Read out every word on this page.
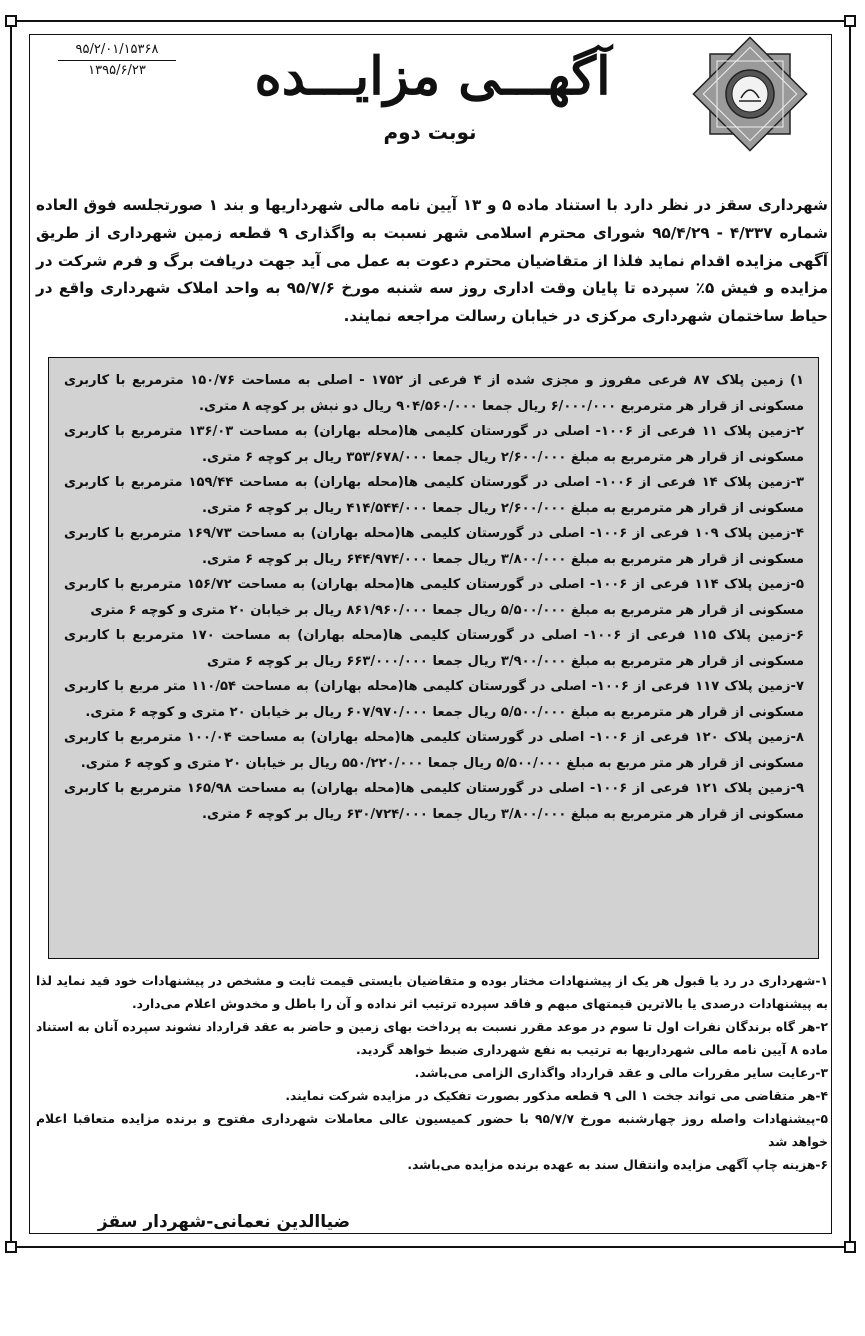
۹۵/۲/۰۱/۱۵۳۶۸
۱۳۹۵/۶/۲۳	آگهـــی مزایـــده
نوبت دوم
شهرداری سقز در نظر دارد با استناد ماده ۵ و ۱۳ آیین نامه مالی شهرداریها و بند ۱ صورتجلسه فوق العاده شماره ۴/۳۳۷ - ۹۵/۴/۲۹ شورای محترم اسلامی شهر نسبت به واگذاری ۹ قطعه زمین شهرداری از طریق آگهی مزایده اقدام نماید فلذا از متقاضیان محترم دعوت به عمل می آید جهت دریافت برگ و فرم شرکت در مزایده و فیش ۵٪ سپرده تا پایان وقت اداری روز سه شنبه مورخ ۹۵/۷/۶ به واحد املاک شهرداری واقع در حیاط ساختمان شهرداری مرکزی در خیابان رسالت مراجعه نمایند.

۱) زمین پلاک ۸۷ فرعی مفروز و مجزی شده از ۴ فرعی از ۱۷۵۲ - اصلی به مساحت ۱۵۰/۷۶ مترمربع با کاربری مسکونی از قرار هر مترمربع ۶/۰۰۰/۰۰۰ ریال جمعا ۹۰۴/۵۶۰/۰۰۰ ریال دو نبش بر کوچه ۸ متری.

۲-زمین پلاک ۱۱ فرعی از ۱۰۰۶- اصلی در گورستان کلیمی ها(محله بهاران) به مساحت ۱۳۶/۰۳ مترمربع با کاربری مسکونی از قرار هر مترمربع به مبلغ ۲/۶۰۰/۰۰۰ ریال جمعا ۳۵۳/۶۷۸/۰۰۰ ریال بر کوچه ۶ متری.

۳-زمین پلاک ۱۴ فرعی از ۱۰۰۶- اصلی در گورستان کلیمی ها(محله بهاران) به مساحت ۱۵۹/۴۴ مترمربع با کاربری مسکونی از قرار هر مترمربع به مبلغ ۲/۶۰۰/۰۰۰ ریال جمعا ۴۱۴/۵۴۴/۰۰۰ ریال بر کوچه ۶ متری.

۴-زمین پلاک ۱۰۹ فرعی از ۱۰۰۶- اصلی در گورستان کلیمی ها(محله بهاران) به مساحت ۱۶۹/۷۳ مترمربع با کاربری مسکونی از قرار هر مترمربع به مبلغ ۳/۸۰۰/۰۰۰ ریال جمعا ۶۴۴/۹۷۴/۰۰۰ ریال بر کوچه ۶ متری.

۵-زمین پلاک ۱۱۴ فرعی از ۱۰۰۶- اصلی در گورستان کلیمی ها(محله بهاران) به مساحت ۱۵۶/۷۲ مترمربع با کاربری مسکونی از قرار هر مترمربع به مبلغ ۵/۵۰۰/۰۰۰ ریال جمعا ۸۶۱/۹۶۰/۰۰۰ ریال بر خیابان ۲۰ متری و کوچه ۶ متری

۶-زمین پلاک ۱۱۵ فرعی از ۱۰۰۶- اصلی در گورستان کلیمی ها(محله بهاران) به مساحت ۱۷۰ مترمربع با کاربری مسکونی از قرار هر مترمربع به مبلغ ۳/۹۰۰/۰۰۰ ریال جمعا ۶۶۳/۰۰۰/۰۰۰ ریال بر کوچه ۶ متری

۷-زمین پلاک ۱۱۷ فرعی از ۱۰۰۶- اصلی در گورستان کلیمی ها(محله بهاران) به مساحت ۱۱۰/۵۴ متر مربع با کاربری مسکونی از قرار هر مترمربع به مبلغ ۵/۵۰۰/۰۰۰ ریال جمعا ۶۰۷/۹۷۰/۰۰۰ ریال بر خیابان ۲۰ متری و کوچه ۶ متری.

۸-زمین پلاک ۱۲۰ فرعی از ۱۰۰۶- اصلی در گورستان کلیمی ها(محله بهاران) به مساحت ۱۰۰/۰۴ مترمربع با کاربری مسکونی از قرار هر متر مربع به مبلغ ۵/۵۰۰/۰۰۰ ریال جمعا ۵۵۰/۲۲۰/۰۰۰ ریال بر خیابان ۲۰ متری و کوچه ۶ متری.

۹-زمین پلاک ۱۲۱ فرعی از ۱۰۰۶- اصلی در گورستان کلیمی ها(محله بهاران) به مساحت ۱۶۵/۹۸ مترمربع با کاربری مسکونی از قرار هر مترمربع به مبلغ ۳/۸۰۰/۰۰۰ ریال جمعا ۶۳۰/۷۲۴/۰۰۰ ریال بر کوچه ۶ متری.

۱-شهرداری در رد یا قبول هر یک از پیشنهادات مختار بوده و متقاضیان بایستی قیمت ثابت و مشخص در پیشنهادات خود قید نماید لذا به پیشنهادات درصدی یا بالاترین قیمتهای مبهم و فاقد سپرده ترتیب اثر نداده و آن را باطل و مخدوش اعلام می‌دارد.

۲-هر گاه برندگان نفرات اول تا سوم در موعد مقرر نسبت به پرداخت بهای زمین و حاضر به عقد قرارداد نشوند سپرده آنان به استناد ماده ۸ آیین نامه مالی شهرداریها به ترتیب به نفع شهرداری ضبط خواهد گردید.

۳-رعایت سایر مقررات مالی و عقد قرارداد واگذاری الزامی می‌باشد.

۴-هر متقاضی می تواند جخت ۱ الی ۹ قطعه مذکور بصورت تفکیک در مزایده شرکت نمایند.

۵-پیشنهادات واصله روز چهارشنبه مورخ ۹۵/۷/۷ با حضور کمیسیون عالی معاملات شهرداری مفتوح و برنده مزایده متعاقبا اعلام خواهد شد

۶-هزینه چاپ آگهی مزایده وانتقال سند به عهده برنده مزایده می‌باشد.

ضیاالدین نعمانی-شهردار سقز
